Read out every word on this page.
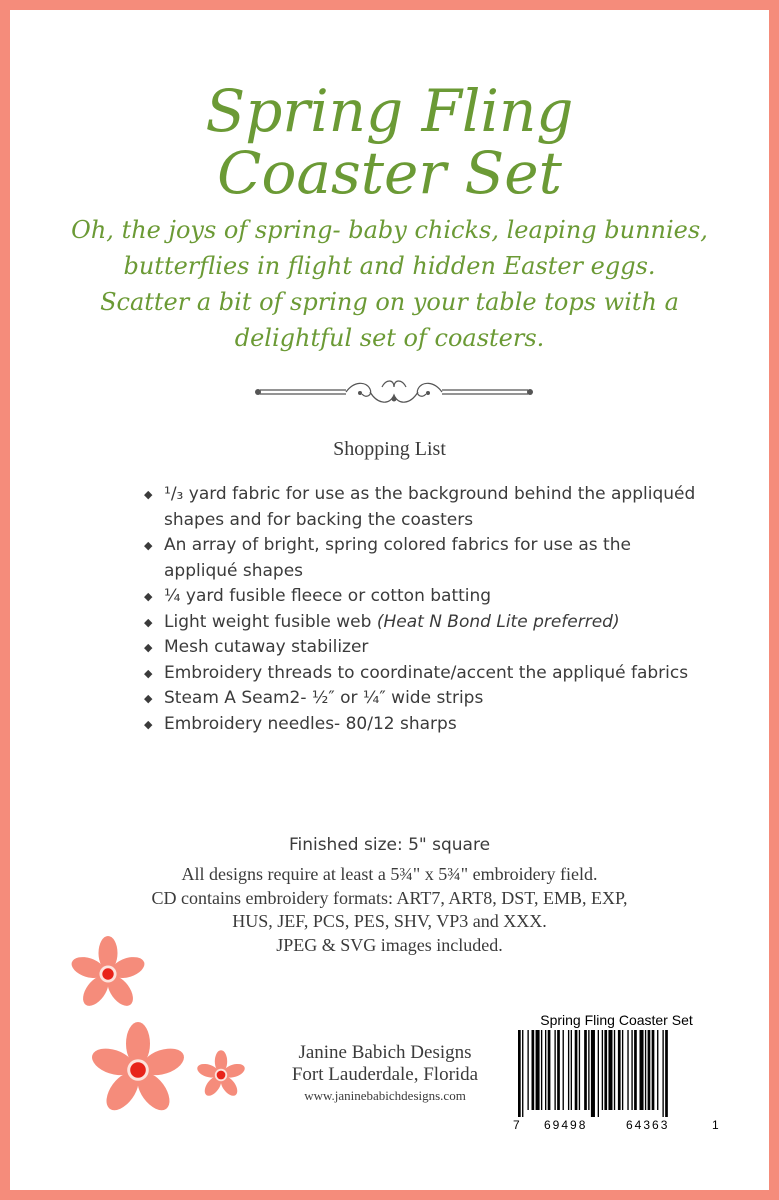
Spring Fling
Coaster Set
Oh, the joys of spring- baby chicks, leaping bunnies,
butterflies in flight and hidden Easter eggs.
Scatter a bit of spring on your table tops with a
delightful set of coasters.
Shopping List
◆ ¹/₃ yard fabric for use as the background behind the appliquéd shapes and for backing the coasters
◆ An array of bright, spring colored fabrics for use as the appliqué shapes
◆ ¼ yard fusible fleece or cotton batting
◆ Light weight fusible web (Heat N Bond Lite preferred)
◆ Mesh cutaway stabilizer
◆ Embroidery threads to coordinate/accent the appliqué fabrics
◆ Steam A Seam2- ½″ or ¼″ wide strips
◆ Embroidery needles- 80/12 sharps
Finished size: 5" square
All designs require at least a 5¾" x 5¾" embroidery field.
CD contains embroidery formats: ART7, ART8, DST, EMB, EXP,
HUS, JEF, PCS, PES, SHV, VP3 and XXX.
JPEG & SVG images included.
Janine Babich Designs
Fort Lauderdale, Florida
www.janinebabichdesigns.com
Spring Fling Coaster Set
7 69498	64363	1
